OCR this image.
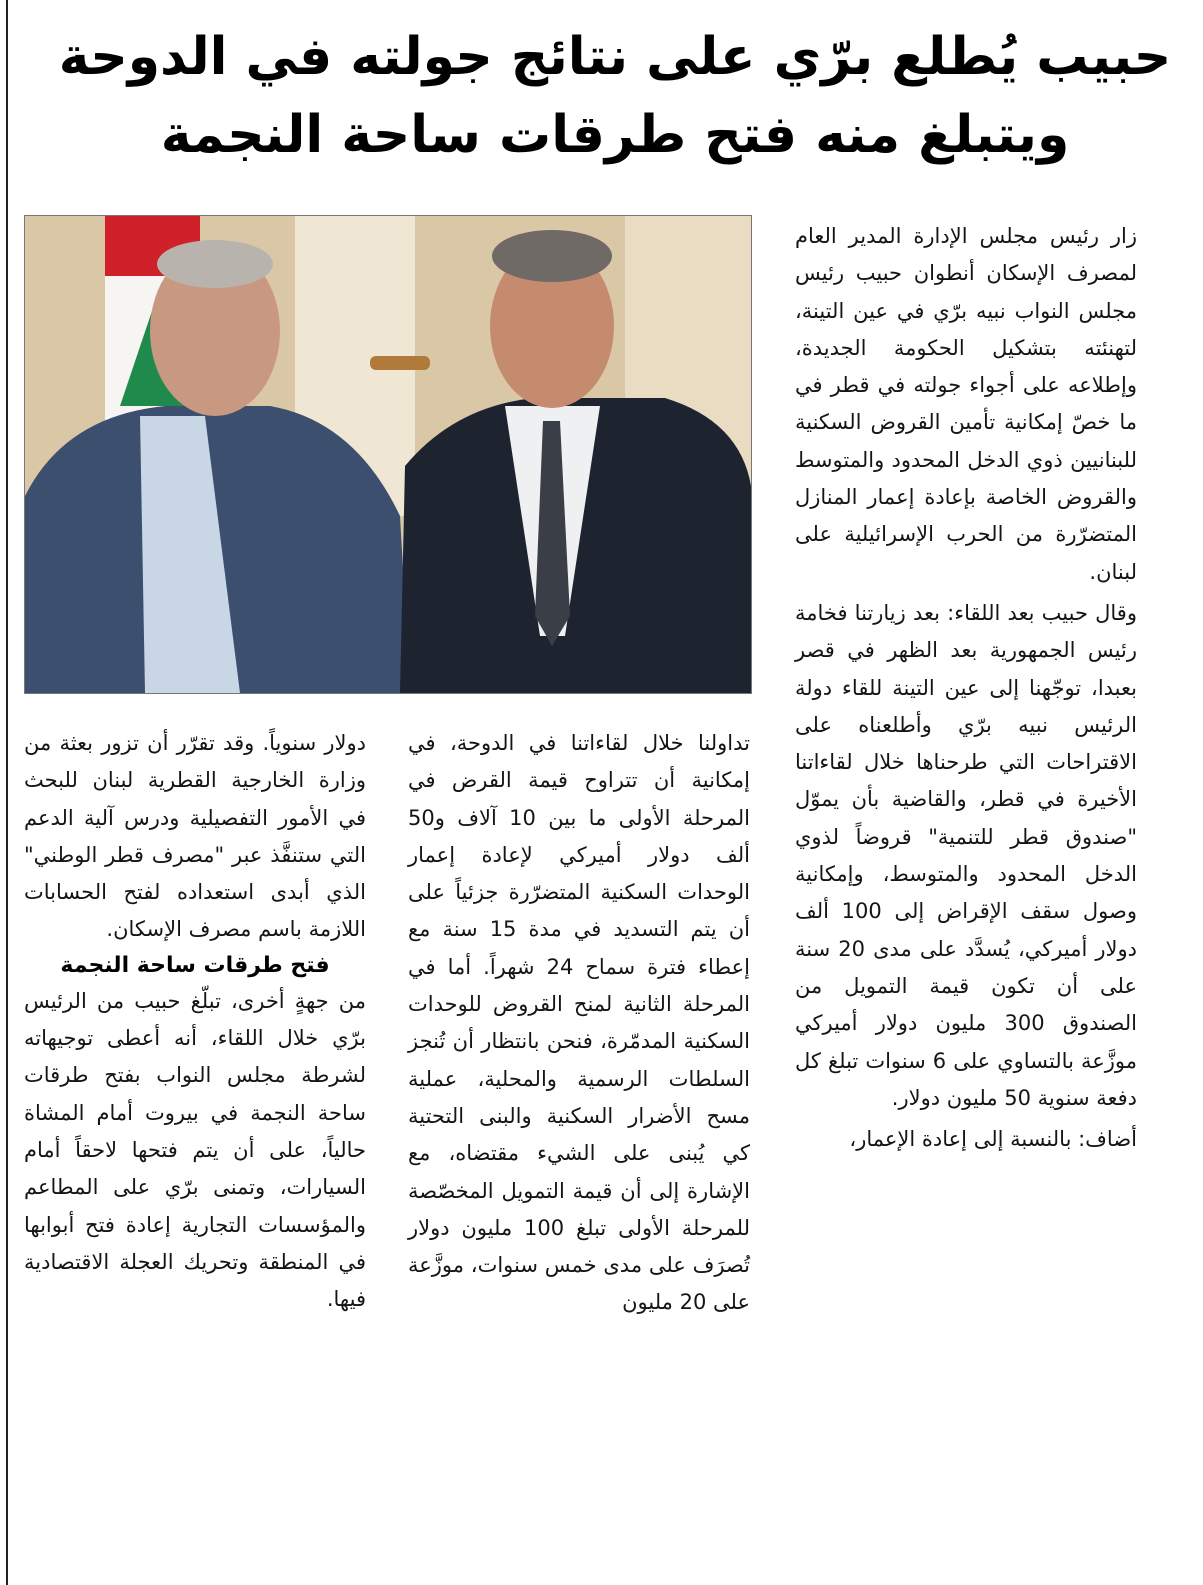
حبيب يُطلع برّي على نتائج جولته في الدوحة
ويتبلغ منه فتح طرقات ساحة النجمة

زار رئيس مجلس الإدارة المدير العام لمصرف الإسكان أنطوان حبيب رئيس مجلس النواب نبيه برّي في عين التينة، لتهنئته بتشكيل الحكومة الجديدة، وإطلاعه على أجواء جولته في قطر في ما خصّ إمكانية تأمين القروض السكنية للبنانيين ذوي الدخل المحدود والمتوسط والقروض الخاصة بإعادة إعمار المنازل المتضرّرة من الحرب الإسرائيلية على لبنان.

وقال حبيب بعد اللقاء: بعد زيارتنا فخامة رئيس الجمهورية بعد الظهر في قصر بعبدا، توجّهنا إلى عين التينة للقاء دولة الرئيس نبيه برّي وأطلعناه على الاقتراحات التي طرحناها خلال لقاءاتنا الأخيرة في قطر، والقاضية بأن يموّل "صندوق قطر للتنمية" قروضاً لذوي الدخل المحدود والمتوسط، وإمكانية وصول سقف الإقراض إلى 100 ألف دولار أميركي، يُسدَّد على مدى 20 سنة على أن تكون قيمة التمويل من الصندوق 300 مليون دولار أميركي موزَّعة بالتساوي على 6 سنوات تبلغ كل دفعة سنوية 50 مليون دولار.

أضاف: بالنسبة إلى إعادة الإعمار،

تداولنا خلال لقاءاتنا في الدوحة، في إمكانية أن تتراوح قيمة القرض في المرحلة الأولى ما بين 10 آلاف و50 ألف دولار أميركي لإعادة إعمار الوحدات السكنية المتضرّرة جزئياً على أن يتم التسديد في مدة 15 سنة مع إعطاء فترة سماح 24 شهراً. أما في المرحلة الثانية لمنح القروض للوحدات السكنية المدمّرة، فنحن بانتظار أن تُنجز السلطات الرسمية والمحلية، عملية مسح الأضرار السكنية والبنى التحتية كي يُبنى على الشيء مقتضاه، مع الإشارة إلى أن قيمة التمويل المخصّصة للمرحلة الأولى تبلغ 100 مليون دولار تُصرَف على مدى خمس سنوات، موزَّعة على 20 مليون

دولار سنوياً. وقد تقرّر أن تزور بعثة من وزارة الخارجية القطرية لبنان للبحث في الأمور التفصيلية ودرس آلية الدعم التي ستنفَّذ عبر "مصرف قطر الوطني" الذي أبدى استعداده لفتح الحسابات اللازمة باسم مصرف الإسكان.

فتح طرقات ساحة النجمة

من جهةٍ أخرى، تبلّغ حبيب من الرئيس برّي خلال اللقاء، أنه أعطى توجيهاته لشرطة مجلس النواب بفتح طرقات ساحة النجمة في بيروت أمام المشاة حالياً، على أن يتم فتحها لاحقاً أمام السيارات، وتمنى برّي على المطاعم والمؤسسات التجارية إعادة فتح أبوابها في المنطقة وتحريك العجلة الاقتصادية فيها.
